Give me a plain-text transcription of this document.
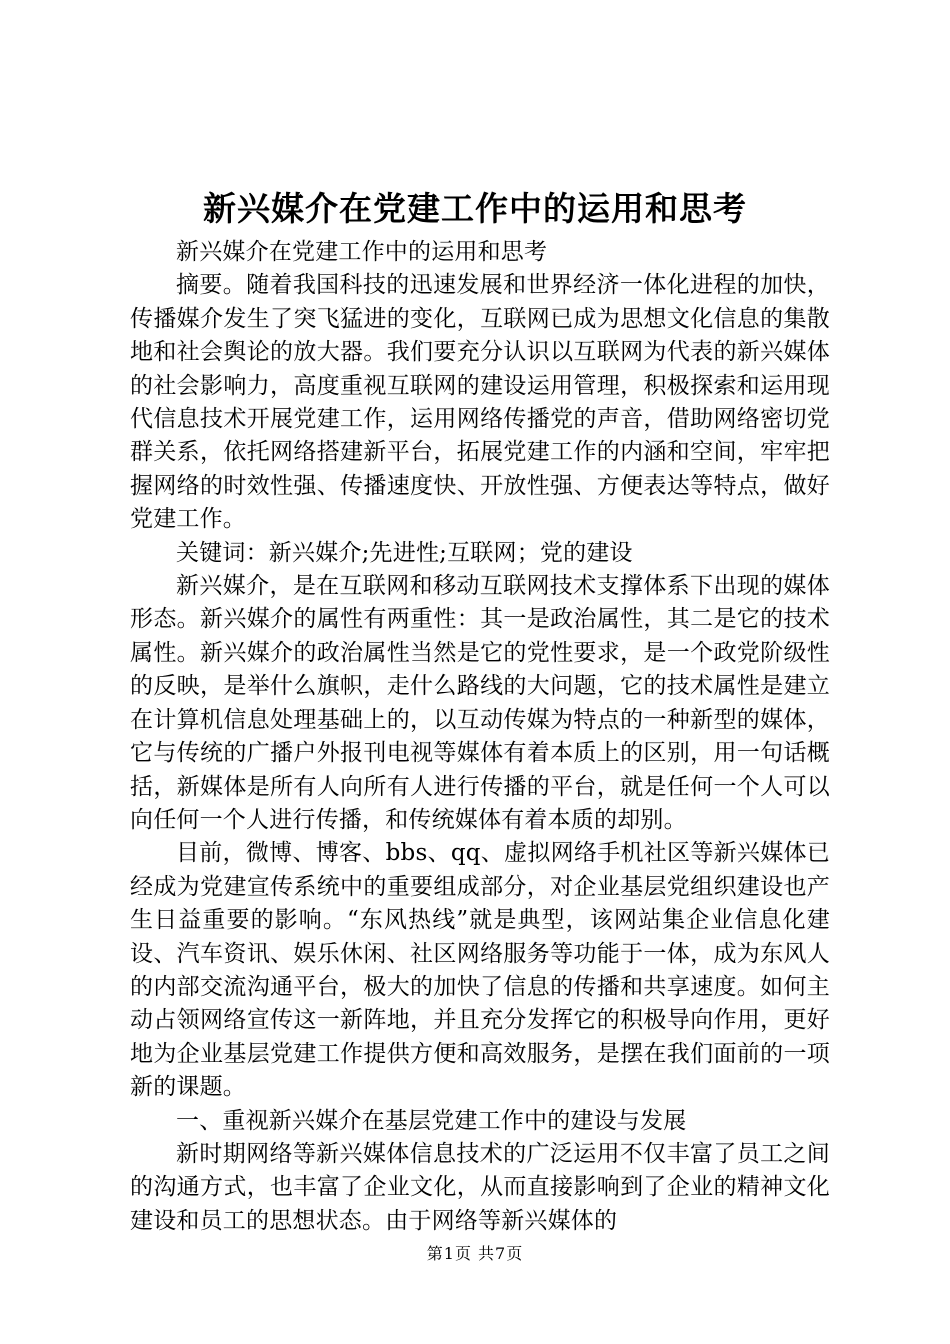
新兴媒介在党建工作中的运用和思考

新兴媒介在党建工作中的运用和思考

摘要。随着我国科技的迅速发展和世界经济一体化进程的加快，传播媒介发生了突飞猛进的变化，互联网已成为思想文化信息的集散地和社会舆论的放大器。我们要充分认识以互联网为代表的新兴媒体的社会影响力，高度重视互联网的建设运用管理，积极探索和运用现代信息技术开展党建工作，运用网络传播党的声音，借助网络密切党群关系，依托网络搭建新平台，拓展党建工作的内涵和空间，牢牢把握网络的时效性强、传播速度快、开放性强、方便表达等特点，做好党建工作。

关键词：新兴媒介;先进性;互联网；党的建设

新兴媒介，是在互联网和移动互联网技术支撑体系下出现的媒体形态。新兴媒介的属性有两重性：其一是政治属性，其二是它的技术属性。新兴媒介的政治属性当然是它的党性要求，是一个政党阶级性的反映，是举什么旗帜，走什么路线的大问题，它的技术属性是建立在计算机信息处理基础上的，以互动传媒为特点的一种新型的媒体，它与传统的广播户外报刊电视等媒体有着本质上的区别，用一句话概括，新媒体是所有人向所有人进行传播的平台，就是任何一个人可以向任何一个人进行传播，和传统媒体有着本质的却别。

目前，微博、博客、bbs、qq、虚拟网络手机社区等新兴媒体已经成为党建宣传系统中的重要组成部分，对企业基层党组织建设也产生日益重要的影响。“东风热线”就是典型，该网站集企业信息化建设、汽车资讯、娱乐休闲、社区网络服务等功能于一体，成为东风人的内部交流沟通平台，极大的加快了信息的传播和共享速度。如何主动占领网络宣传这一新阵地，并且充分发挥它的积极导向作用，更好地为企业基层党建工作提供方便和高效服务，是摆在我们面前的一项新的课题。

一、重视新兴媒介在基层党建工作中的建设与发展

新时期网络等新兴媒体信息技术的广泛运用不仅丰富了员工之间的沟通方式，也丰富了企业文化，从而直接影响到了企业的精神文化建设和员工的思想状态。由于网络等新兴媒体的

第1页 共7页
